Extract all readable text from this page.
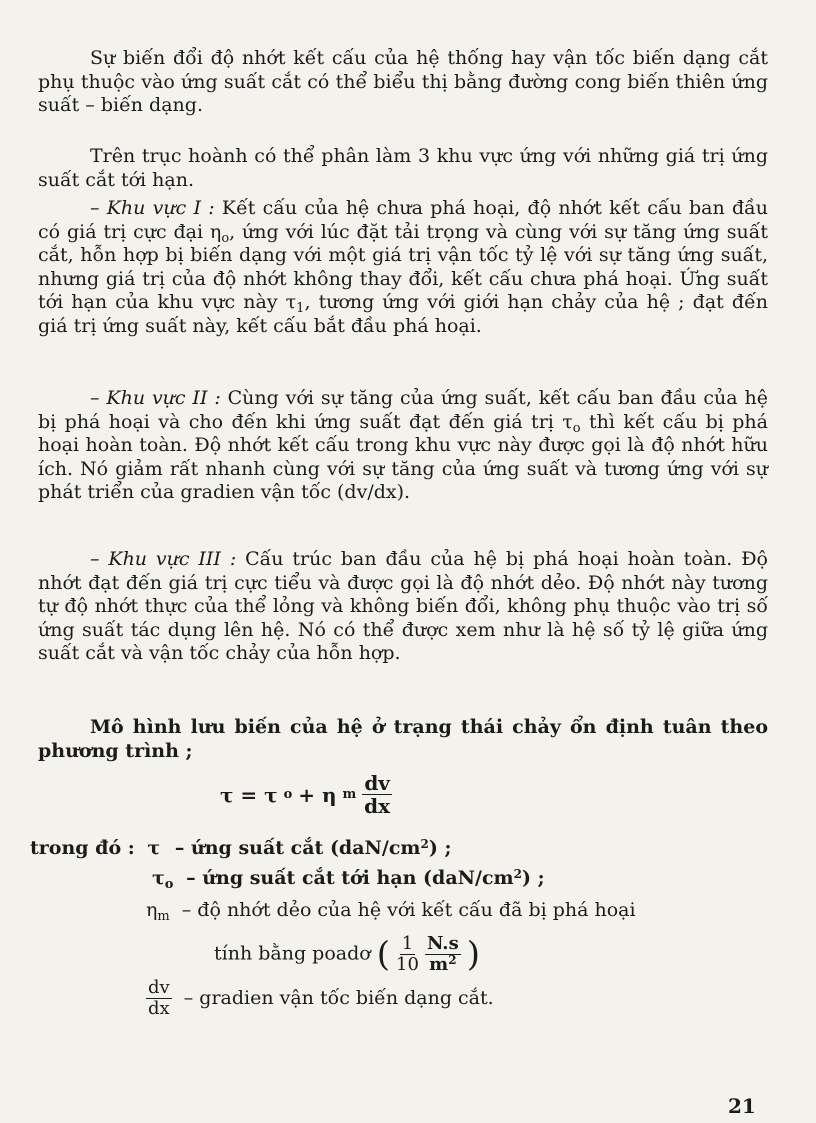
Sự biến đổi độ nhớt kết cấu của hệ thống hay vận tốc biến dạng cắt phụ thuộc vào ứng suất cắt có thể biểu thị bằng đường cong biến thiên ứng suất – biến dạng.

Trên trục hoành có thể phân làm 3 khu vực ứng với những giá trị ứng suất cắt tới hạn.

– Khu vực I : Kết cấu của hệ chưa phá hoại, độ nhớt kết cấu ban đầu có giá trị cực đại $\eta_o$, ứng với lúc đặt tải trọng và cùng với sự tăng ứng suất cắt, hỗn hợp bị biến dạng với một giá trị vận tốc tỷ lệ với sự tăng ứng suất, nhưng giá trị của độ nhớt không thay đổi, kết cấu chưa phá hoại. Ứng suất tới hạn của khu vực này $\tau_1$, tương ứng với giới hạn chảy của hệ ; đạt đến giá trị ứng suất này, kết cấu bắt đầu phá hoại.

– Khu vực II : Cùng với sự tăng của ứng suất, kết cấu ban đầu của hệ bị phá hoại và cho đến khi ứng suất đạt đến giá trị $\tau_o$ thì kết cấu bị phá hoại hoàn toàn. Độ nhớt kết cấu trong khu vực này được gọi là độ nhớt hữu ích. Nó giảm rất nhanh cùng với sự tăng của ứng suất và tương ứng với sự phát triển của gradien vận tốc (dv/dx).

– Khu vực III : Cấu trúc ban đầu của hệ bị phá hoại hoàn toàn. Độ nhớt đạt đến giá trị cực tiểu và được gọi là độ nhớt dẻo. Độ nhớt này tương tự độ nhớt thực của thể lỏng và không biến đổi, không phụ thuộc vào trị số ứng suất tác dụng lên hệ. Nó có thể được xem như là hệ số tỷ lệ giữa ứng suất cắt và vận tốc chảy của hỗn hợp.

Mô hình lưu biến của hệ ở trạng thái chảy ổn định tuân theo phương trình ;

τ = τ o + η m $\frac{dv}{dx}$
trong đó : τ – ứng suất cắt $(daN/cm^2)$ ;
$\tau_o$ – ứng suất cắt tới hạn $(daN/cm^2)$ ;
$\eta_m$ – độ nhớt dẻo của hệ với kết cấu đã bị phá hoại
tính bằng poadơ ( $\frac{1}{10}$
$\frac{N.s}{m^2}$ )
$\frac{dv}{dx}$ – gradien vận tốc biến dạng cắt.
21
